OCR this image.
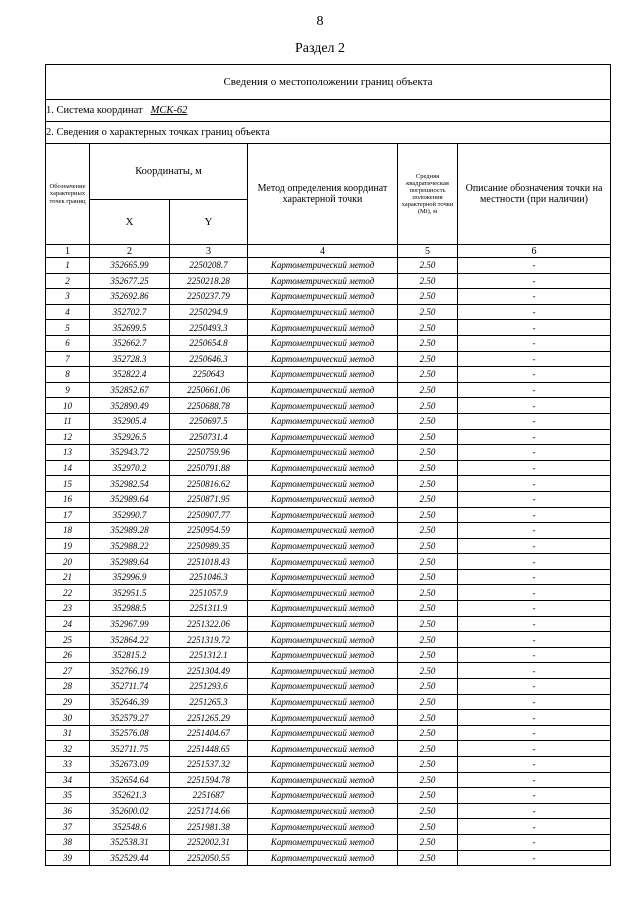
8
Раздел 2
Сведения о местоположении границ объекта					
1. Система координат МСК-62					
2. Сведения о характерных точках границ объекта					
Обозначение характерных точек границ	Координаты, м		Метод определения координат характерной точки	Средняя квадратическая погрешность положения характерной точки (Мt), м	Описание обозначения точки на местности (при наличии)
	X	Y			
1	2	3	4	5	6
1	352665.99	2250208.7	Картометрический метод	2.50	-
2	352677.25	2250218.28	Картометрический метод	2.50	-
3	352692.86	2250237.79	Картометрический метод	2.50	-
4	352702.7	2250294.9	Картометрический метод	2.50	-
5	352699.5	2250493.3	Картометрический метод	2.50	-
6	352662.7	2250654.8	Картометрический метод	2.50	-
7	352728.3	2250646.3	Картометрический метод	2.50	-
8	352822.4	2250643	Картометрический метод	2.50	-
9	352852.67	2250661.06	Картометрический метод	2.50	-
10	352890.49	2250688.78	Картометрический метод	2.50	-
11	352905.4	2250697.5	Картометрический метод	2.50	-
12	352926.5	2250731.4	Картометрический метод	2.50	-
13	352943.72	2250759.96	Картометрический метод	2.50	-
14	352970.2	2250791.88	Картометрический метод	2.50	-
15	352982.54	2250816.62	Картометрический метод	2.50	-
16	352989.64	2250871.95	Картометрический метод	2.50	-
17	352990.7	2250907.77	Картометрический метод	2.50	-
18	352989.28	2250954.59	Картометрический метод	2.50	-
19	352988.22	2250989.35	Картометрический метод	2.50	-
20	352989.64	2251018.43	Картометрический метод	2.50	-
21	352996.9	2251046.3	Картометрический метод	2.50	-
22	352951.5	2251057.9	Картометрический метод	2.50	-
23	352988.5	2251311.9	Картометрический метод	2.50	-
24	352967.99	2251322.06	Картометрический метод	2.50	-
25	352864.22	2251319.72	Картометрический метод	2.50	-
26	352815.2	2251312.1	Картометрический метод	2.50	-
27	352766.19	2251304.49	Картометрический метод	2.50	-
28	352711.74	2251293.6	Картометрический метод	2.50	-
29	352646.39	2251265.3	Картометрический метод	2.50	-
30	352579.27	2251265.29	Картометрический метод	2.50	-
31	352576.08	2251404.67	Картометрический метод	2.50	-
32	352711.75	2251448.65	Картометрический метод	2.50	-
33	352673.09	2251537.32	Картометрический метод	2.50	-
34	352654.64	2251594.78	Картометрический метод	2.50	-
35	352621.3	2251687	Картометрический метод	2.50	-
36	352600.02	2251714.66	Картометрический метод	2.50	-
37	352548.6	2251981.38	Картометрический метод	2.50	-
38	352538.31	2252002.31	Картометрический метод	2.50	-
39	352529.44	2252050.55	Картометрический метод	2.50	-
